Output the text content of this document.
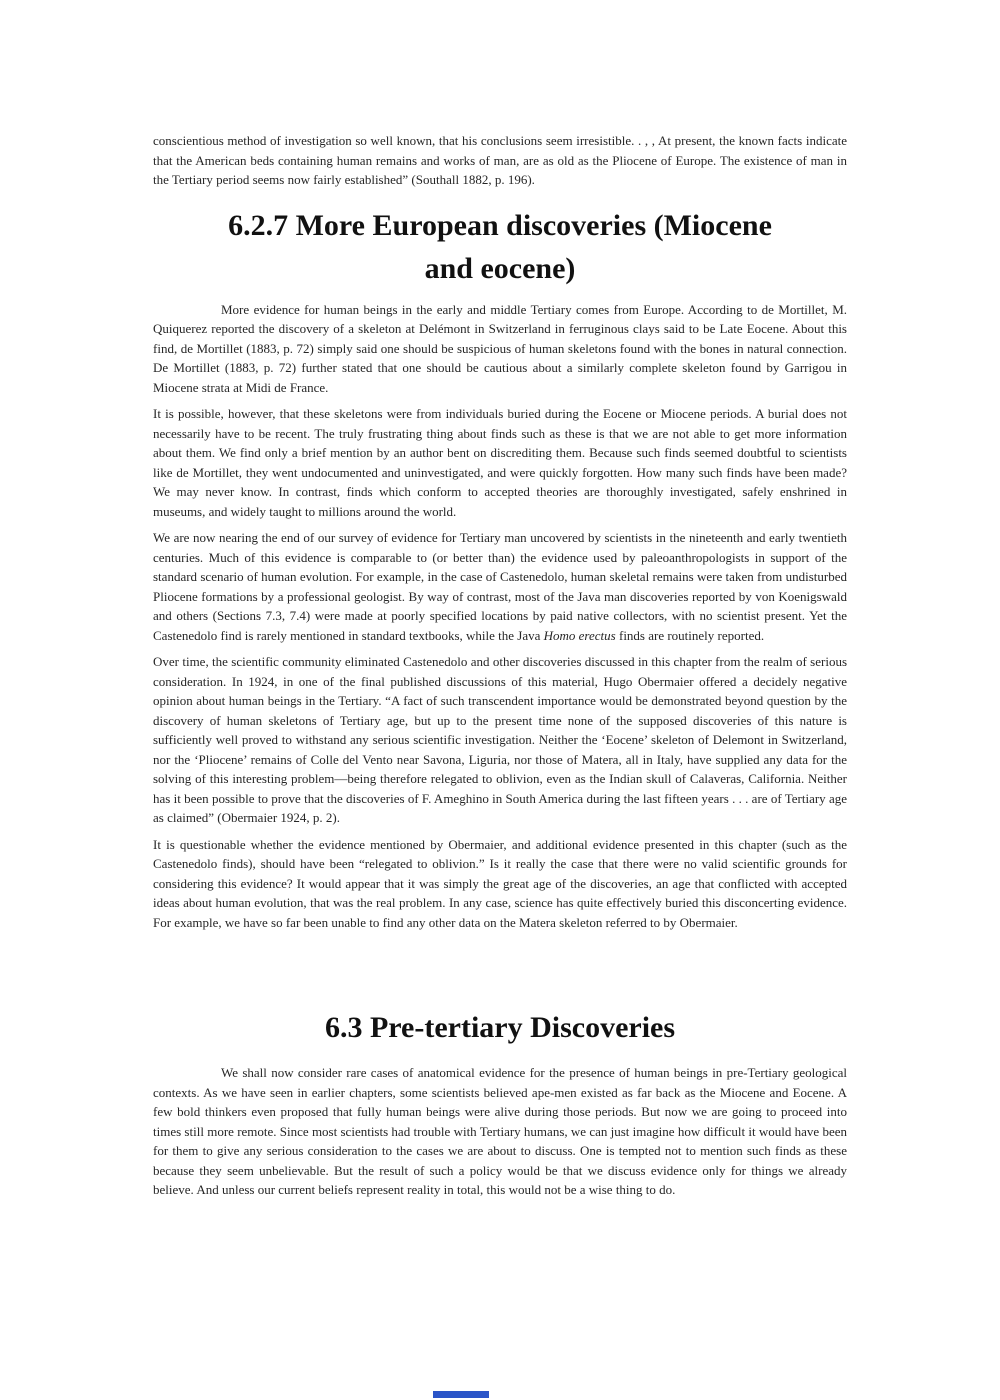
conscientious method of investigation so well known, that his conclusions seem irresistible. . , , At present, the known facts indicate that the American beds containing human remains and works of man, are as old as the Pliocene of Europe. The existence of man in the Tertiary period seems now fairly established” (Southall 1882, p. 196).

6.2.7 More European discoveries (Miocene
and eocene)

More evidence for human beings in the early and middle Tertiary comes from Europe. According to de Mortillet, M. Quiquerez reported the discovery of a skeleton at Delémont in Switzerland in ferruginous clays said to be Late Eocene. About this find, de Mortillet (1883, p. 72) simply said one should be suspicious of human skeletons found with the bones in natural connection. De Mortillet (1883, p. 72) further stated that one should be cautious about a similarly complete skeleton found by Garrigou in Miocene strata at Midi de France.

It is possible, however, that these skeletons were from individuals buried during the Eocene or Miocene periods. A burial does not necessarily have to be recent. The truly frustrating thing about finds such as these is that we are not able to get more information about them. We find only a brief mention by an author bent on discrediting them. Because such finds seemed doubtful to scientists like de Mortillet, they went undocumented and uninvestigated, and were quickly forgotten. How many such finds have been made? We may never know. In contrast, finds which conform to accepted theories are thoroughly investigated, safely enshrined in museums, and widely taught to millions around the world.

We are now nearing the end of our survey of evidence for Tertiary man uncovered by scientists in the nineteenth and early twentieth centuries. Much of this evidence is comparable to (or better than) the evidence used by paleoanthropologists in support of the standard scenario of human evolution. For example, in the case of Castenedolo, human skeletal remains were taken from undisturbed Pliocene formations by a professional geologist. By way of contrast, most of the Java man discoveries reported by von Koenigswald and others (Sections 7.3, 7.4) were made at poorly specified locations by paid native collectors, with no scientist present. Yet the Castenedolo find is rarely mentioned in standard textbooks, while the Java Homo erectus finds are routinely reported.

Over time, the scientific community eliminated Castenedolo and other discoveries discussed in this chapter from the realm of serious consideration. In 1924, in one of the final published discussions of this material, Hugo Obermaier offered a decidely negative opinion about human beings in the Tertiary. “A fact of such transcendent importance would be demonstrated beyond question by the discovery of human skeletons of Tertiary age, but up to the present time none of the supposed discoveries of this nature is sufficiently well proved to withstand any serious scientific investigation. Neither the ‘Eocene’ skeleton of Delemont in Switzerland, nor the ‘Pliocene’ remains of Colle del Vento near Savona, Liguria, nor those of Matera, all in Italy, have supplied any data for the solving of this interesting problem—being therefore relegated to oblivion, even as the Indian skull of Calaveras, California. Neither has it been possible to prove that the discoveries of F. Ameghino in South America during the last fifteen years . . . are of Tertiary age as claimed” (Obermaier 1924, p. 2).

It is questionable whether the evidence mentioned by Obermaier, and additional evidence presented in this chapter (such as the Castenedolo finds), should have been “relegated to oblivion.” Is it really the case that there were no valid scientific grounds for considering this evidence? It would appear that it was simply the great age of the discoveries, an age that conflicted with accepted ideas about human evolution, that was the real problem. In any case, science has quite effectively buried this disconcerting evidence. For example, we have so far been unable to find any other data on the Matera skeleton referred to by Obermaier.

6.3 Pre-tertiary Discoveries

We shall now consider rare cases of anatomical evidence for the presence of human beings in pre-Tertiary geological contexts. As we have seen in earlier chapters, some scientists believed ape-men existed as far back as the Miocene and Eocene. A few bold thinkers even proposed that fully human beings were alive during those periods. But now we are going to proceed into times still more remote. Since most scientists had trouble with Tertiary humans, we can just imagine how difficult it would have been for them to give any serious consideration to the cases we are about to discuss. One is tempted not to mention such finds as these because they seem unbelievable. But the result of such a policy would be that we discuss evidence only for things we already believe. And unless our current beliefs represent reality in total, this would not be a wise thing to do.
